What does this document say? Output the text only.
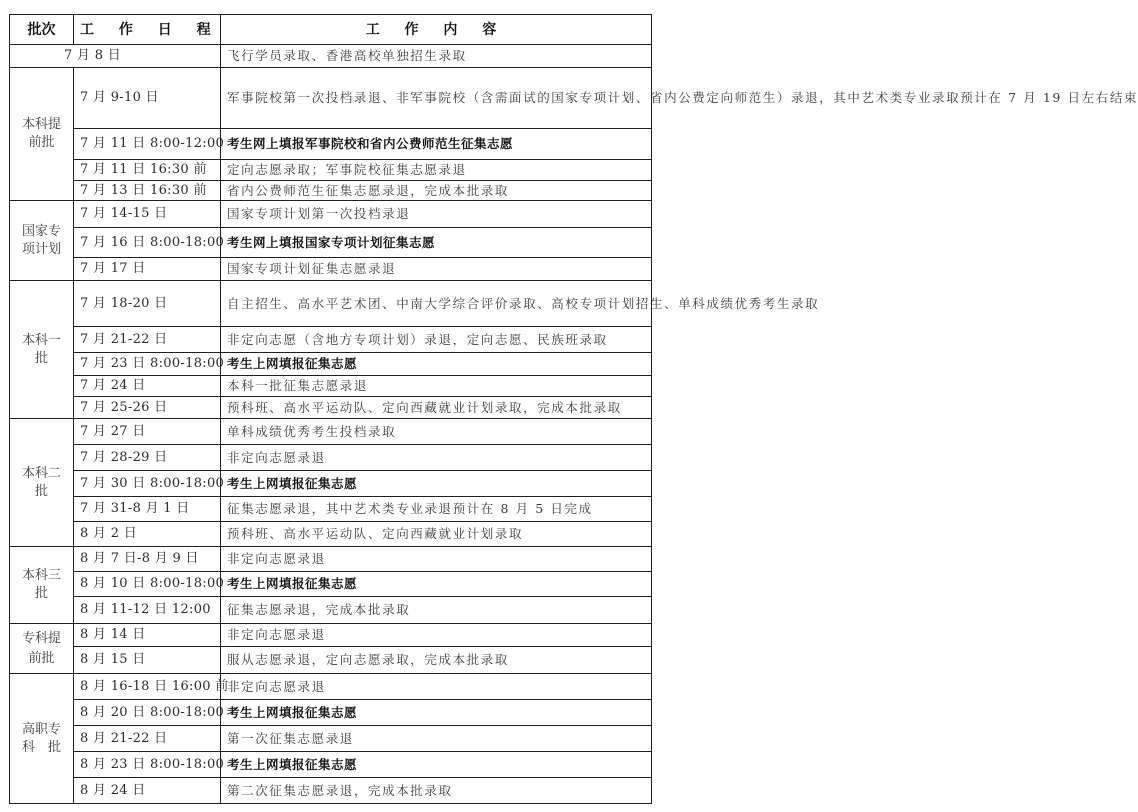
批次	工 作 日 程	工 作 内 容
7 月 8 日		飞行学员录取、香港高校单独招生录取
本科提
前批	7 月 9-10 日	军事院校第一次投档录退、非军事院校（含需面试的国家专项计划、省内公费定向师范生）录退，其中艺术类专业录取预计在 7 月 19 日左右结束
	7 月 11 日 8:00-12:00	考生网上填报军事院校和省内公费师范生征集志愿
	7 月 11 日 16:30 前	定向志愿录取；军事院校征集志愿录退
	7 月 13 日 16:30 前	省内公费师范生征集志愿录退，完成本批录取
国家专
项计划	7 月 14-15 日	国家专项计划第一次投档录退
	7 月 16 日 8:00-18:00	考生网上填报国家专项计划征集志愿
	7 月 17 日	国家专项计划征集志愿录退
本科一
批	7 月 18-20 日	自主招生、高水平艺术团、中南大学综合评价录取、高校专项计划招生、单科成绩优秀考生录取
	7 月 21-22 日	非定向志愿（含地方专项计划）录退，定向志愿、民族班录取
	7 月 23 日 8:00-18:00	考生上网填报征集志愿
	7 月 24 日	本科一批征集志愿录退
	7 月 25-26 日	预科班、高水平运动队、定向西藏就业计划录取，完成本批录取
本科二
批	7 月 27 日	单科成绩优秀考生投档录取
	7 月 28-29 日	非定向志愿录退
	7 月 30 日 8:00-18:00	考生上网填报征集志愿
	7 月 31-8 月 1 日	征集志愿录退，其中艺术类专业录退预计在 8 月 5 日完成
	8 月 2 日	预科班、高水平运动队、定向西藏就业计划录取
本科三
批	8 月 7 日-8 月 9 日	非定向志愿录退
	8 月 10 日 8:00-18:00	考生上网填报征集志愿
	8 月 11-12 日 12:00	征集志愿录退，完成本批录取
专科提
前批	8 月 14 日	非定向志愿录退
	8 月 15 日	服从志愿录退，定向志愿录取，完成本批录取
高职专
科　批	8 月 16-18 日 16:00 前	非定向志愿录退
	8 月 20 日 8:00-18:00	考生上网填报征集志愿
	8 月 21-22 日	第一次征集志愿录退
	8 月 23 日 8:00-18:00	考生上网填报征集志愿
	8 月 24 日	第二次征集志愿录退，完成本批录取
